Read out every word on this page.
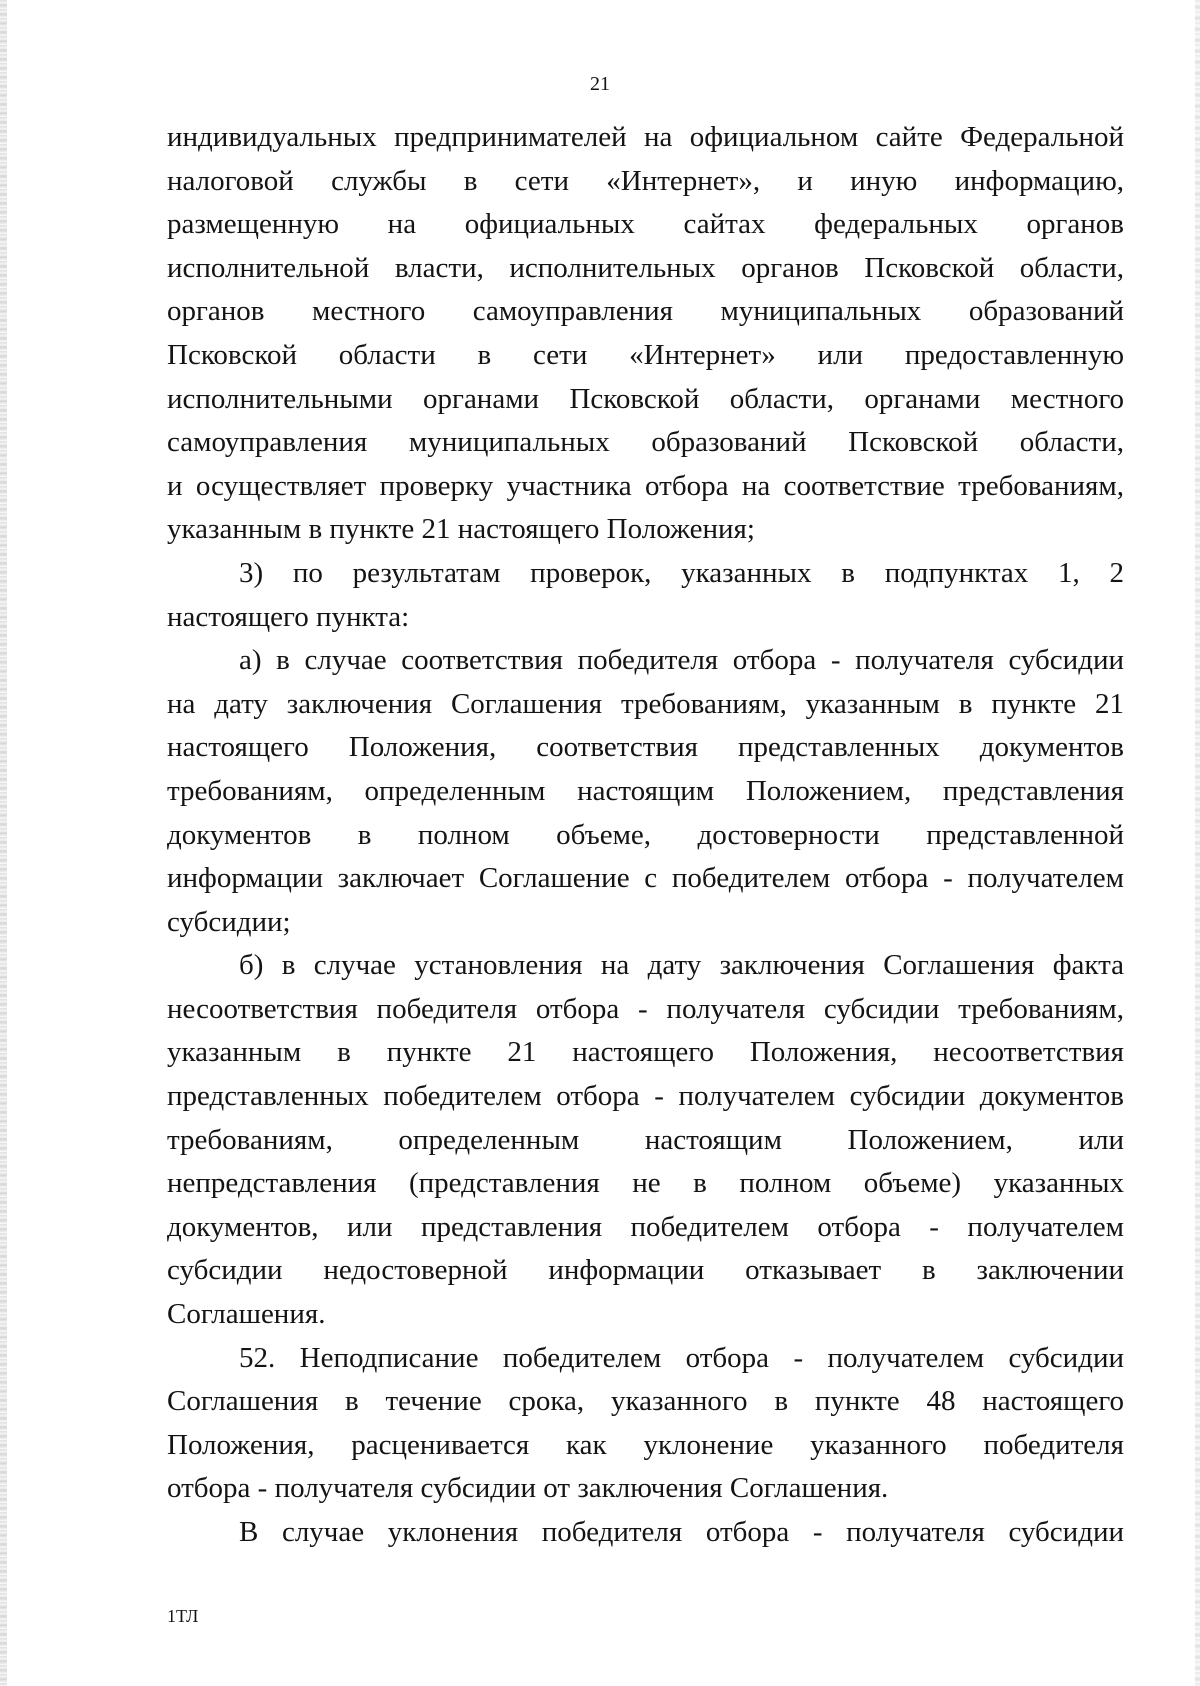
21

индивидуальных предпринимателей на официальном сайте Федеральной

налоговой службы в сети «Интернет», и иную информацию,

размещенную на официальных сайтах федеральных органов

исполнительной власти, исполнительных органов Псковской области,

органов местного самоуправления муниципальных образований

Псковской области в сети «Интернет» или предоставленную

исполнительными органами Псковской области, органами местного

самоуправления муниципальных образований Псковской области,

и осуществляет проверку участника отбора на соответствие требованиям,

указанным в пункте 21 настоящего Положения;

3) по результатам проверок, указанных в подпунктах 1, 2

настоящего пункта:

а) в случае соответствия победителя отбора - получателя субсидии

на дату заключения Соглашения требованиям, указанным в пункте 21

настоящего Положения, соответствия представленных документов

требованиям, определенным настоящим Положением, представления

документов в полном объеме, достоверности представленной

информации заключает Соглашение с победителем отбора - получателем

субсидии;

б) в случае установления на дату заключения Соглашения факта

несоответствия победителя отбора - получателя субсидии требованиям,

указанным в пункте 21 настоящего Положения, несоответствия

представленных победителем отбора - получателем субсидии документов

требованиям, определенным настоящим Положением, или

непредставления (представления не в полном объеме) указанных

документов, или представления победителем отбора - получателем

субсидии недостоверной информации отказывает в заключении

Соглашения.

52. Неподписание победителем отбора - получателем субсидии

Соглашения в течение срока, указанного в пункте 48 настоящего

Положения, расценивается как уклонение указанного победителя

отбора - получателя субсидии от заключения Соглашения.

В случае уклонения победителя отбора - получателя субсидии

1ТЛ
